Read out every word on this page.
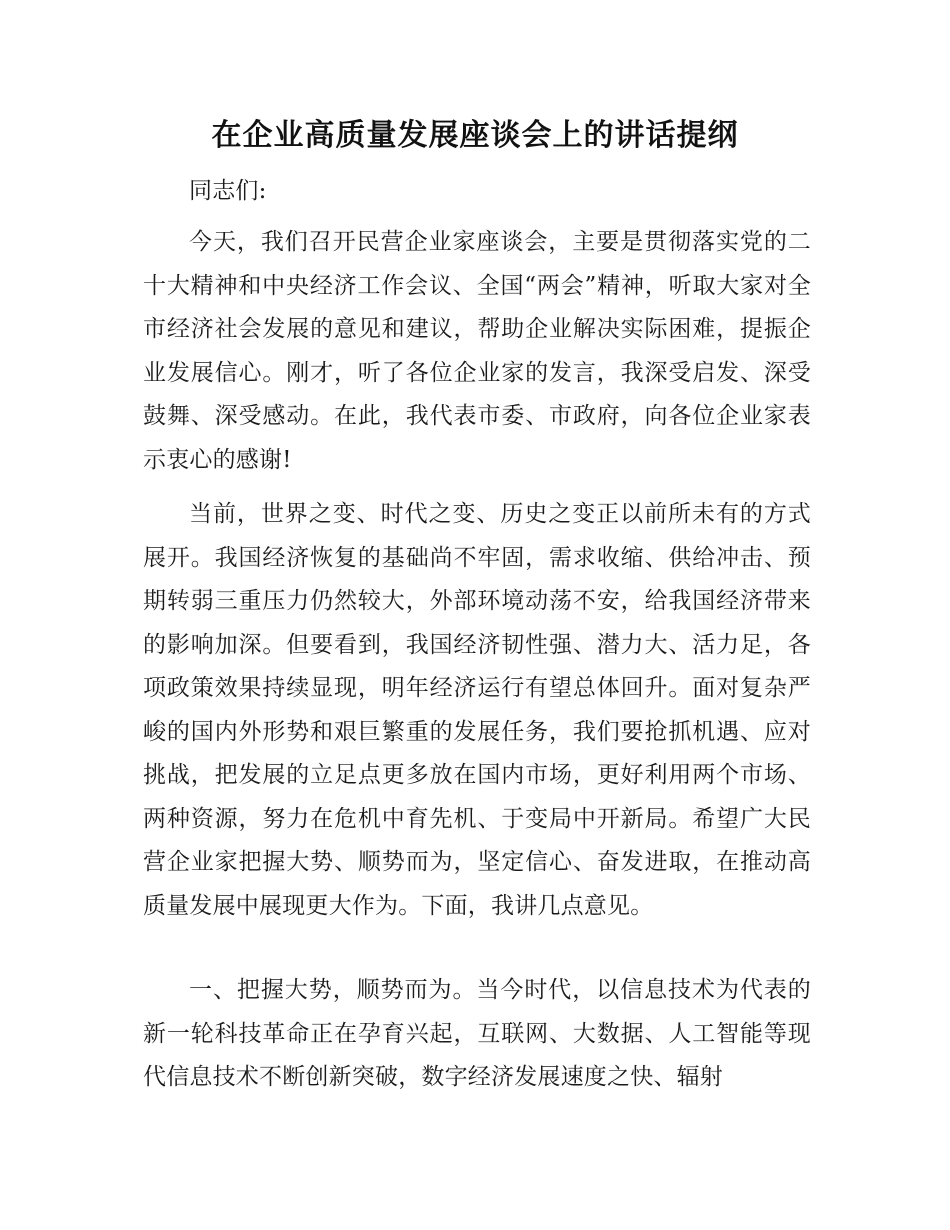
在企业高质量发展座谈会上的讲话提纲

同志们:

今天，我们召开民营企业家座谈会，主要是贯彻落实党的二十大精神和中央经济工作会议、全国“两会”精神，听取大家对全市经济社会发展的意见和建议，帮助企业解决实际困难，提振企业发展信心。刚才，听了各位企业家的发言，我深受启发、深受鼓舞、深受感动。在此，我代表市委、市政府，向各位企业家表示衷心的感谢!

当前，世界之变、时代之变、历史之变正以前所未有的方式展开。我国经济恢复的基础尚不牢固，需求收缩、供给冲击、预期转弱三重压力仍然较大，外部环境动荡不安，给我国经济带来的影响加深。但要看到，我国经济韧性强、潜力大、活力足，各项政策效果持续显现，明年经济运行有望总体回升。面对复杂严峻的国内外形势和艰巨繁重的发展任务，我们要抢抓机遇、应对挑战，把发展的立足点更多放在国内市场，更好利用两个市场、两种资源，努力在危机中育先机、于变局中开新局。希望广大民营企业家把握大势、顺势而为，坚定信心、奋发进取，在推动高质量发展中展现更大作为。下面，我讲几点意见。

一、把握大势，顺势而为。当今时代，以信息技术为代表的新一轮科技革命正在孕育兴起，互联网、大数据、人工智能等现代信息技术不断创新突破，数字经济发展速度之快、辐射
